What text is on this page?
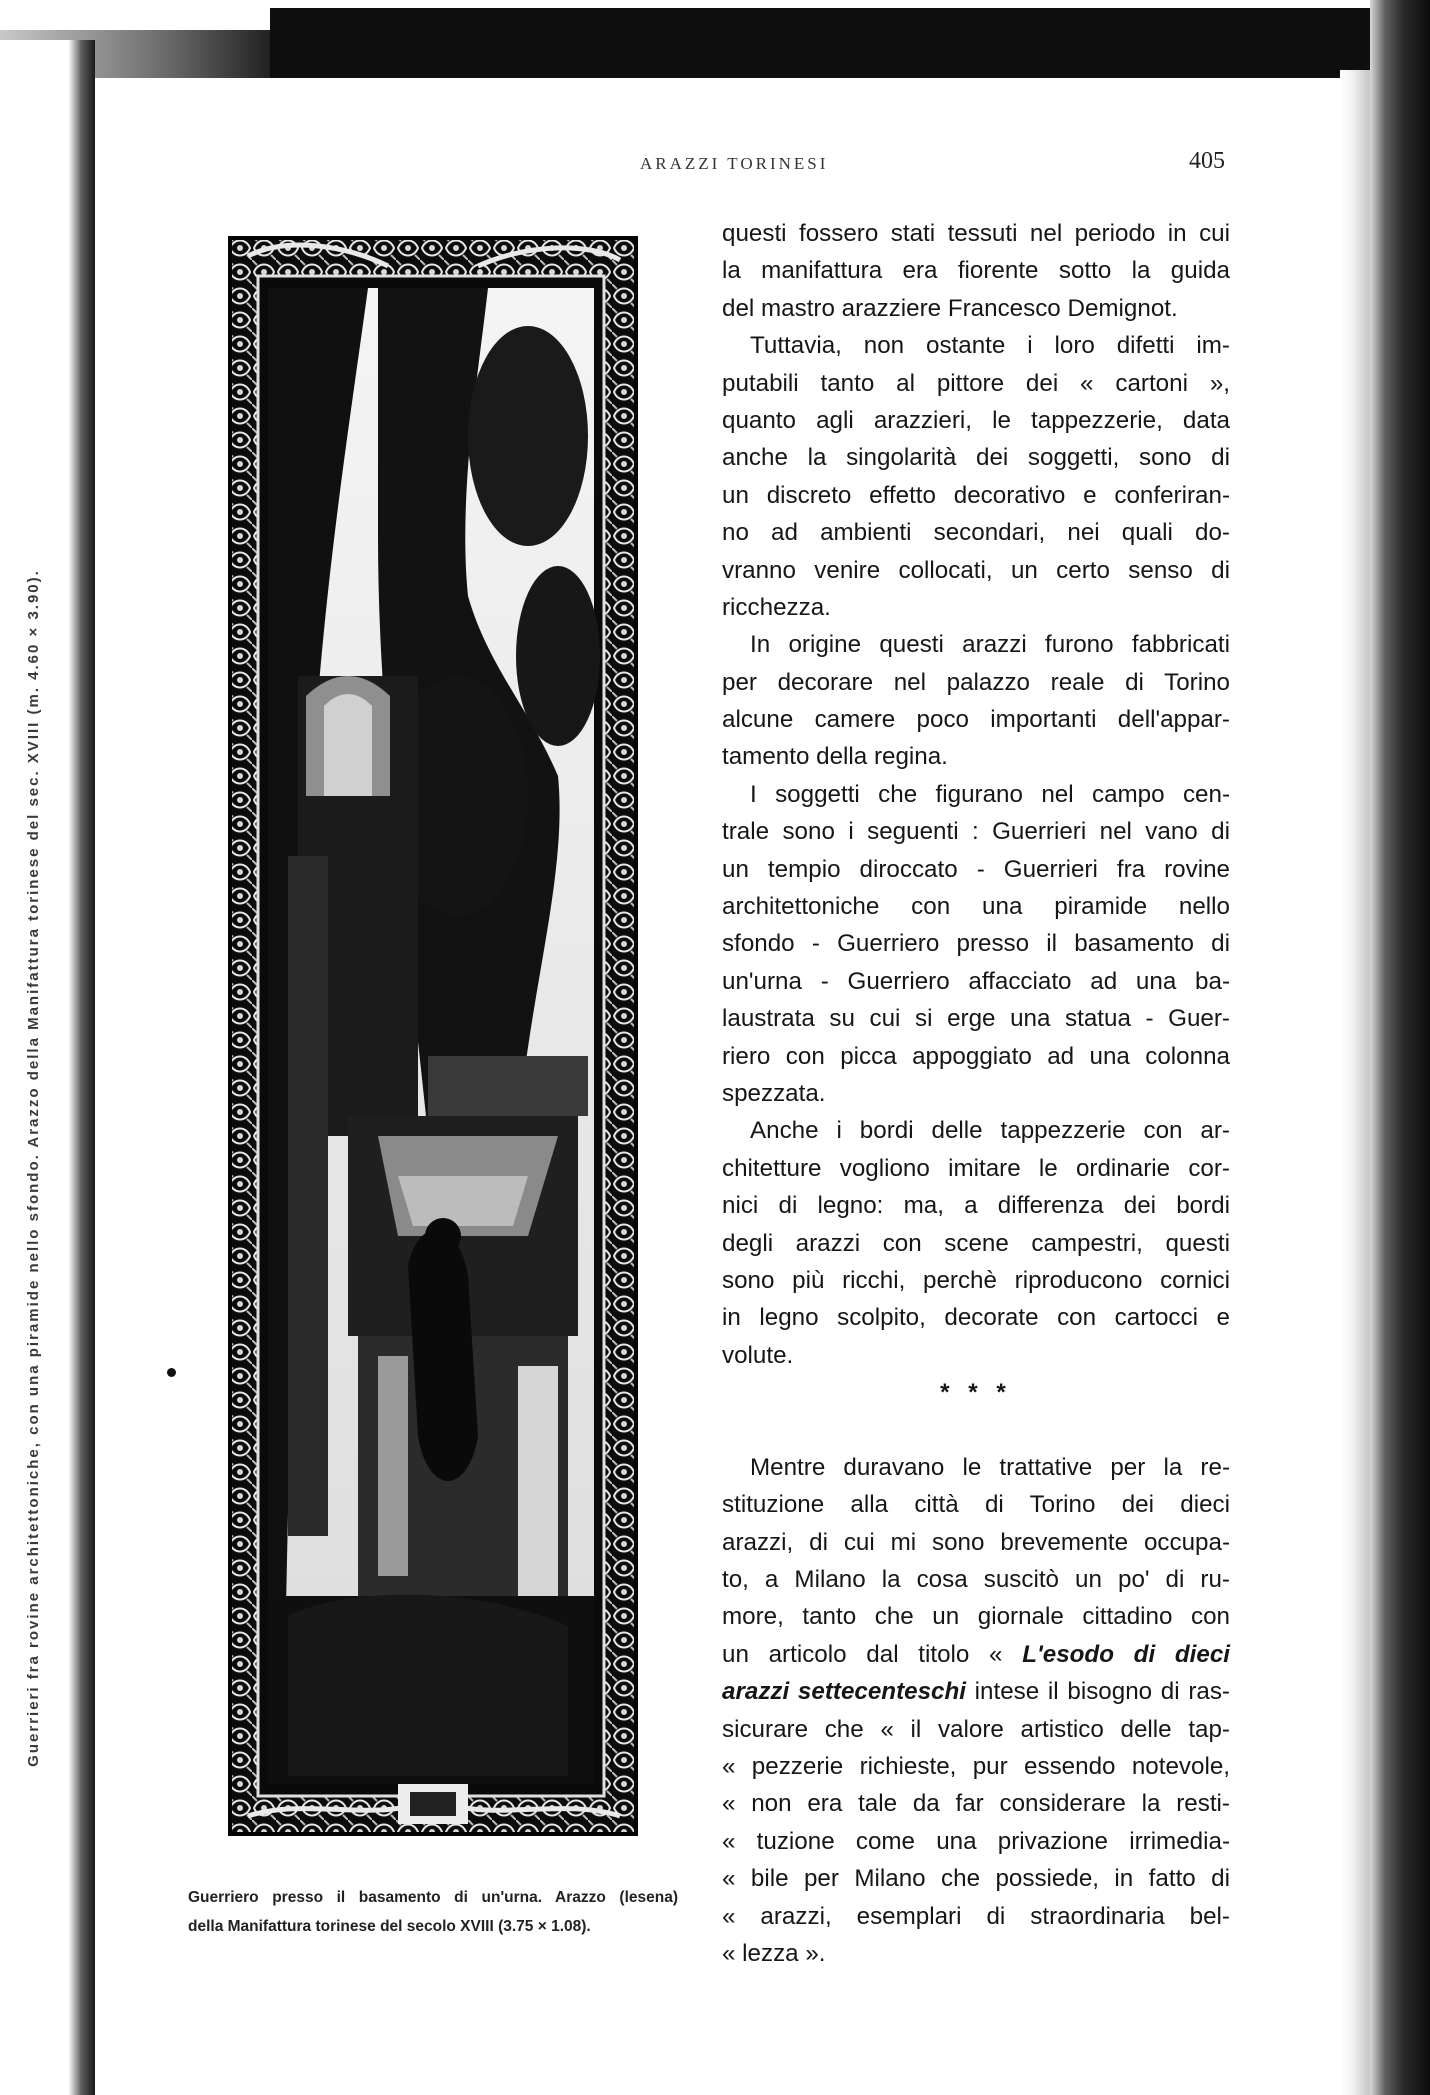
ARAZZI TORINESI	405
Guerrieri fra rovine architettoniche, con una piramide nello sfondo. Arazzo della Manifattura torinese del sec. XVIII (m. 4.60 × 3.90).
Guerriero presso il basamento di un'urna. Arazzo (lesena)
della Manifattura torinese del secolo XVIII (3.75 × 1.08).
questi fossero stati tessuti nel periodo in cui
la manifattura era fiorente sotto la guida
del mastro arazziere Francesco Demignot.
Tuttavia, non ostante i loro difetti im-
putabili tanto al pittore dei « cartoni »,
quanto agli arazzieri, le tappezzerie, data
anche la singolarità dei soggetti, sono di
un discreto effetto decorativo e conferiran-
no ad ambienti secondari, nei quali do-
vranno venire collocati, un certo senso di
ricchezza.
In origine questi arazzi furono fabbricati
per decorare nel palazzo reale di Torino
alcune camere poco importanti dell'appar-
tamento della regina.
I soggetti che figurano nel campo cen-
trale sono i seguenti : Guerrieri nel vano di
un tempio diroccato - Guerrieri fra rovine
architettoniche con una piramide nello
sfondo - Guerriero presso il basamento di
un'urna - Guerriero affacciato ad una ba-
laustrata su cui si erge una statua - Guer-
riero con picca appoggiato ad una colonna
spezzata.
Anche i bordi delle tappezzerie con ar-
chitetture vogliono imitare le ordinarie cor-
nici di legno: ma, a differenza dei bordi
degli arazzi con scene campestri, questi
sono più ricchi, perchè riproducono cornici
in legno scolpito, decorate con cartocci e
volute.
* * *
Mentre duravano le trattative per la re-
stituzione alla città di Torino dei dieci
arazzi, di cui mi sono brevemente occupa-
to, a Milano la cosa suscitò un po' di ru-
more, tanto che un giornale cittadino con
un articolo dal titolo « L'esodo di dieci
arazzi settecenteschi intese il bisogno di ras-
sicurare che « il valore artistico delle tap-
« pezzerie richieste, pur essendo notevole,
« non era tale da far considerare la resti-
« tuzione come una privazione irrimedia-
« bile per Milano che possiede, in fatto di
« arazzi, esemplari di straordinaria bel-
« lezza ».
